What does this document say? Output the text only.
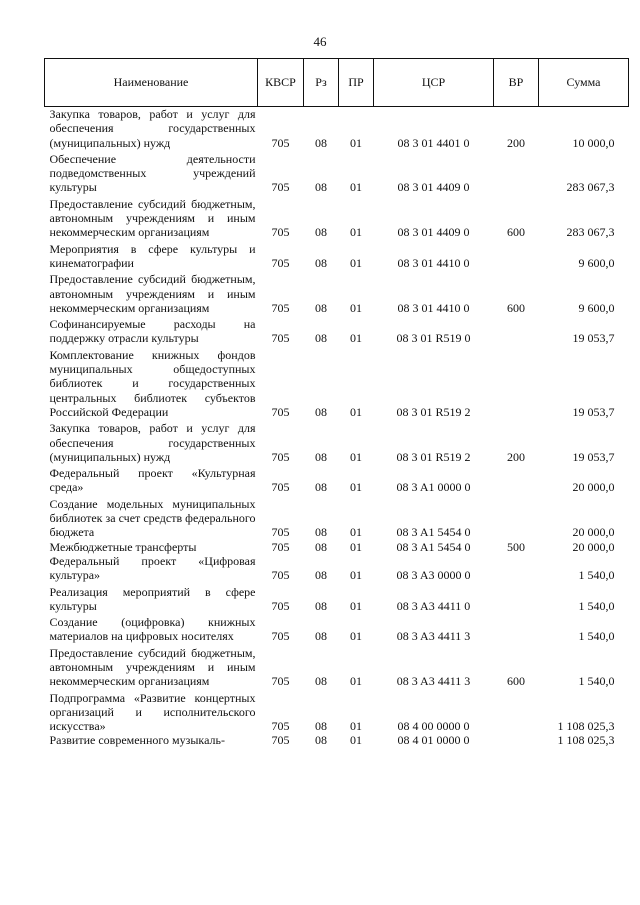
46
Наименование	КВСР	Рз	ПР	ЦСР	ВР	Сумма
Закупка товаров, работ и услуг для обеспечения государственных (муниципальных) нужд	705	08	01	08 3 01 4401 0	200	10 000,0
Обеспечение деятельности подведомственных учреждений культуры	705	08	01	08 3 01 4409 0		283 067,3
Предоставление субсидий бюджетным, автономным учреждениям и иным некоммерческим организациям	705	08	01	08 3 01 4409 0	600	283 067,3
Мероприятия в сфере культуры и кинематографии	705	08	01	08 3 01 4410 0		9 600,0
Предоставление субсидий бюджетным, автономным учреждениям и иным некоммерческим организациям	705	08	01	08 3 01 4410 0	600	9 600,0
Софинансируемые расходы на поддержку отрасли культуры	705	08	01	08 3 01 R519 0		19 053,7
Комплектование книжных фондов муниципальных общедоступных библиотек и государственных центральных библиотек субъектов Российской Федерации	705	08	01	08 3 01 R519 2		19 053,7
Закупка товаров, работ и услуг для обеспечения государственных (муниципальных) нужд	705	08	01	08 3 01 R519 2	200	19 053,7
Федеральный проект «Культурная среда»	705	08	01	08 3 A1 0000 0		20 000,0
Создание модельных муниципальных библиотек за счет средств федерального бюджета	705	08	01	08 3 A1 5454 0		20 000,0
Межбюджетные трансферты	705	08	01	08 3 A1 5454 0	500	20 000,0
Федеральный проект «Цифровая культура»	705	08	01	08 3 A3 0000 0		1 540,0
Реализация мероприятий в сфере культуры	705	08	01	08 3 A3 4411 0		1 540,0
Создание (оцифровка) книжных материалов на цифровых носителях	705	08	01	08 3 A3 4411 3		1 540,0
Предоставление субсидий бюджетным, автономным учреждениям и иным некоммерческим организациям	705	08	01	08 3 A3 4411 3	600	1 540,0
Подпрограмма «Развитие концертных организаций и исполнительского искусства»	705	08	01	08 4 00 0000 0		1 108 025,3
Развитие современного музыкаль-	705	08	01	08 4 01 0000 0		1 108 025,3
